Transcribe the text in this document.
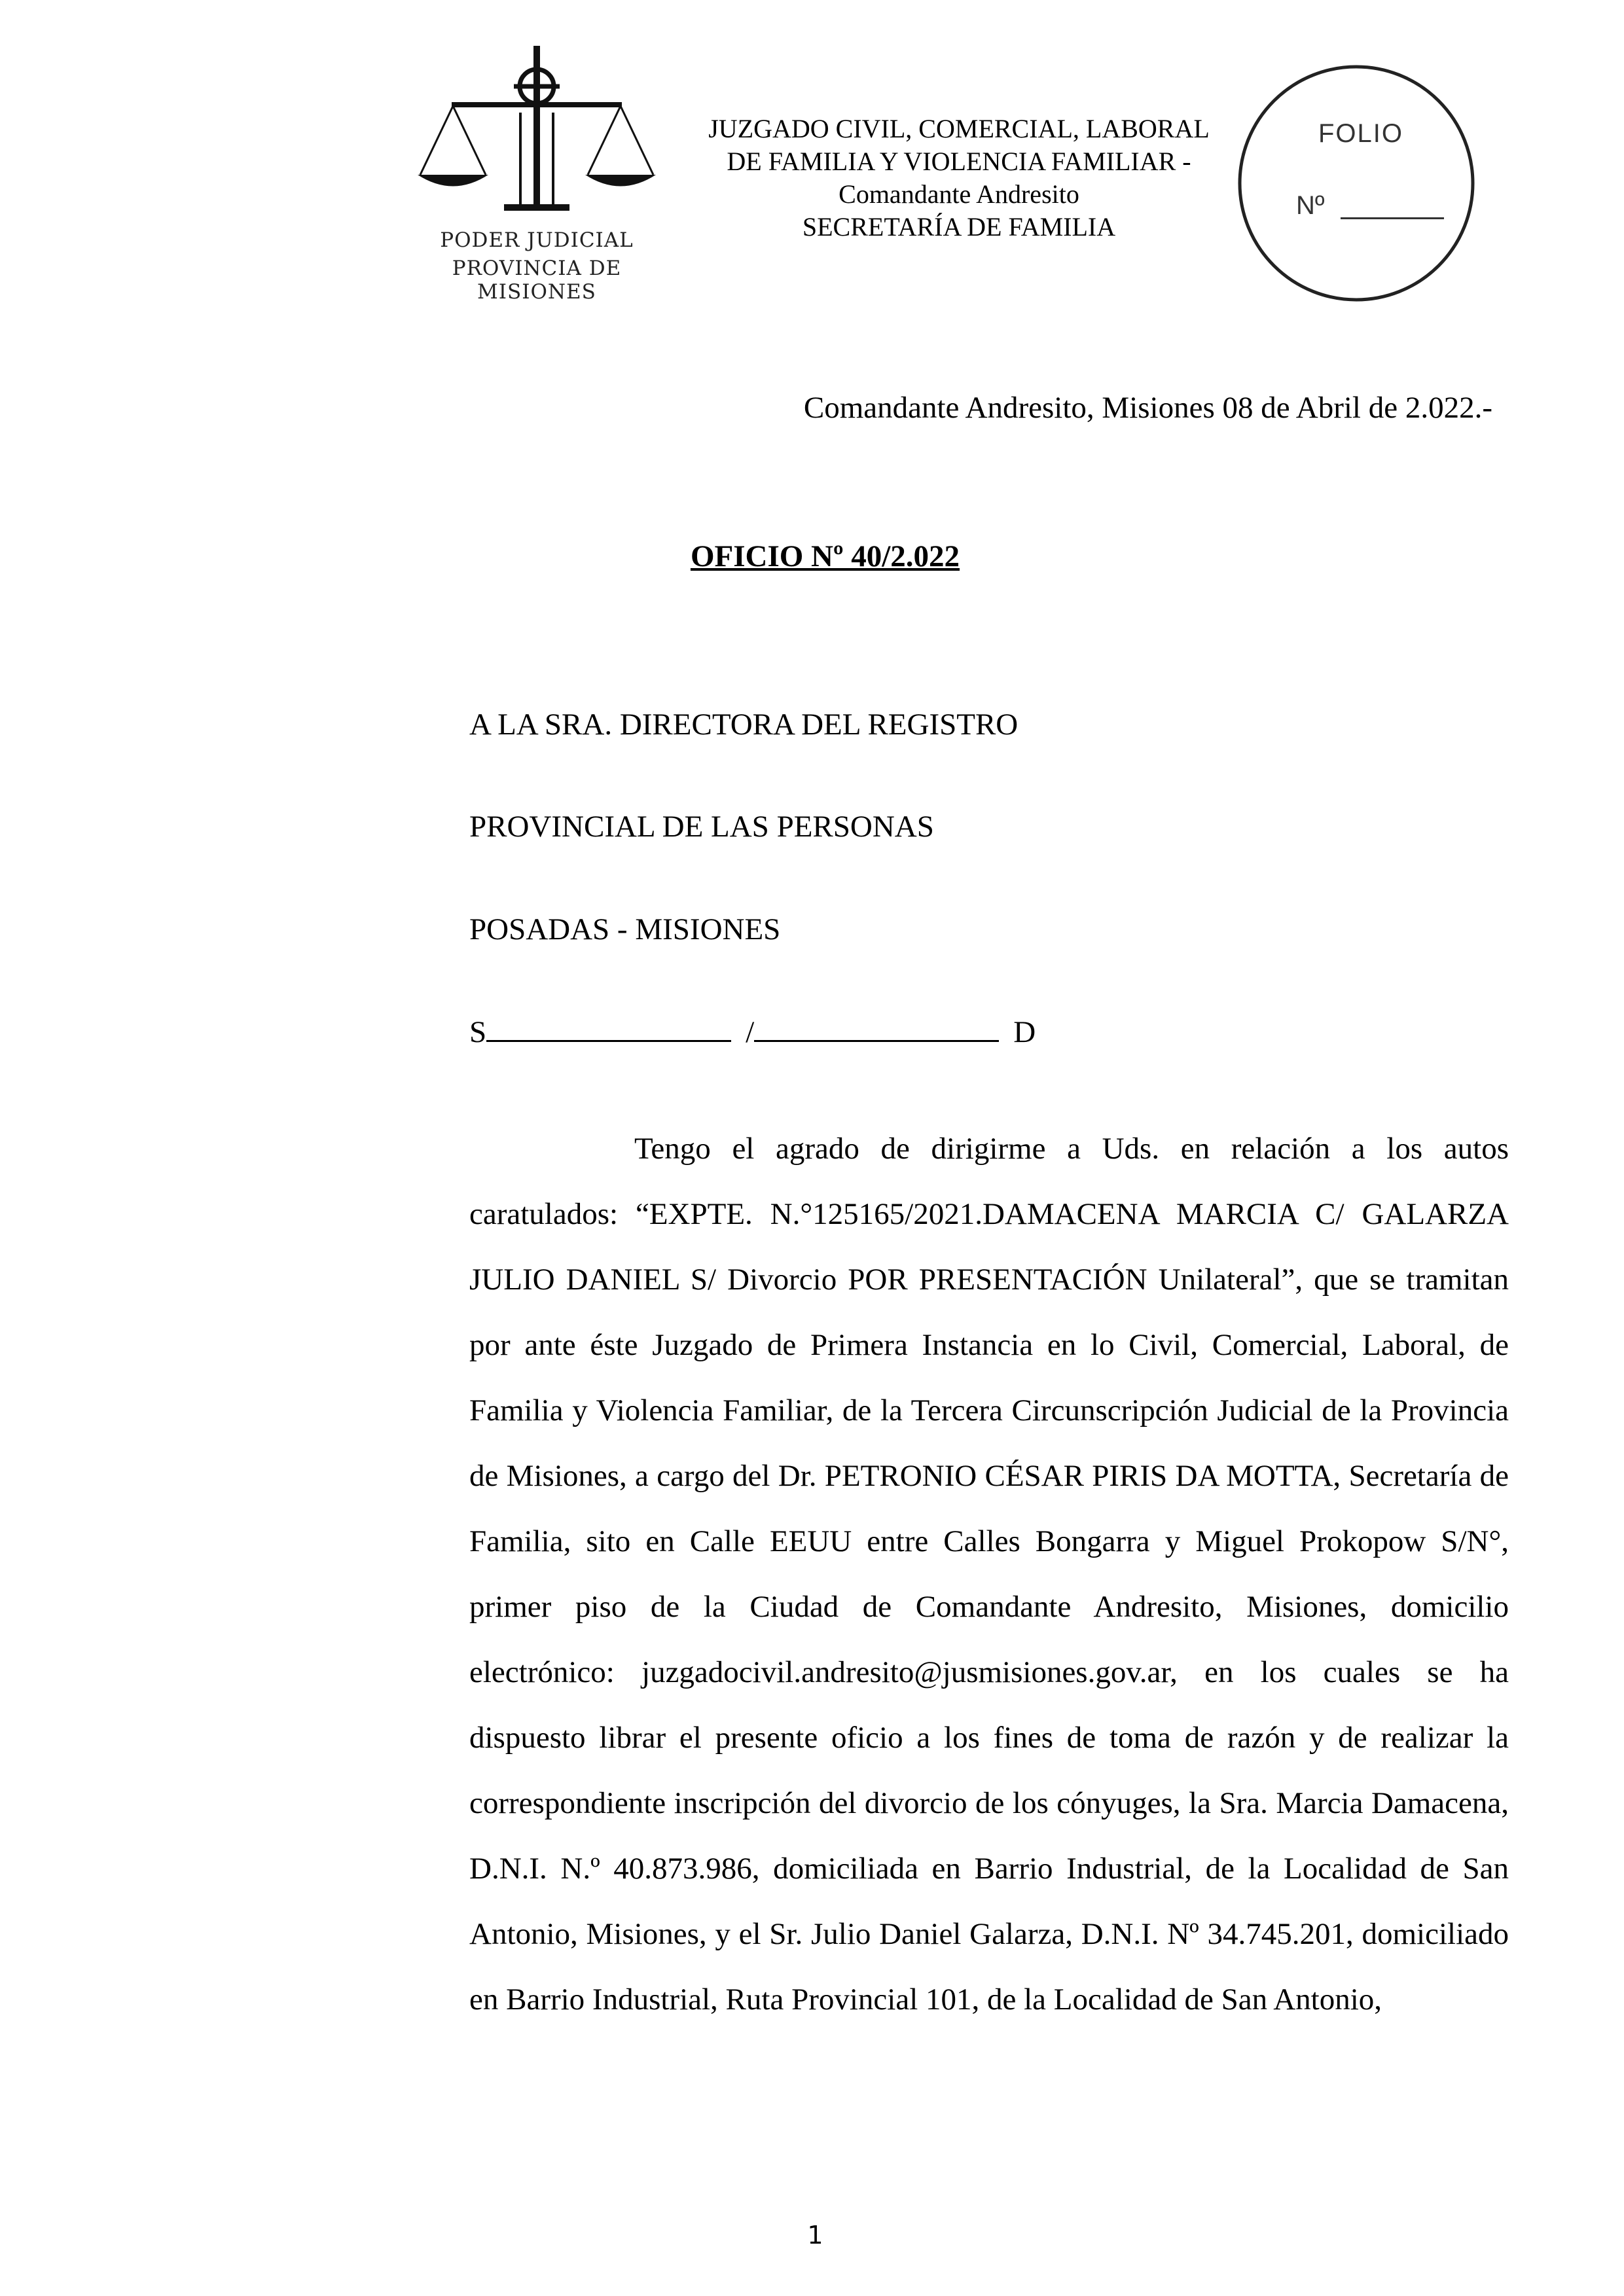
PODER JUDICIAL
PROVINCIA DE MISIONES
JUZGADO CIVIL, COMERCIAL, LABORAL
DE FAMILIA Y VIOLENCIA FAMILIAR -
Comandante Andresito
SECRETARÍA DE FAMILIA
FOLIO
Nº
Comandante Andresito, Misiones 08 de Abril de 2.022.-
OFICIO Nº 40/2.022
A LA SRA. DIRECTORA DEL REGISTRO
PROVINCIAL DE LAS PERSONAS
POSADAS - MISIONES
S	/	D

Tengo el agrado de dirigirme a Uds. en relación a los autos caratulados: “EXPTE. N.°125165/2021.DAMACENA MARCIA C/ GALARZA JULIO DANIEL S/ Divorcio POR PRESENTACIÓN Unilateral”, que se tramitan por ante éste Juzgado de Primera Instancia en lo Civil, Comercial, Laboral, de Familia y Violencia Familiar, de la Tercera Circunscripción Judicial de la Provincia de Misiones, a cargo del Dr. PETRONIO CÉSAR PIRIS DA MOTTA, Secretaría de Familia, sito en Calle EEUU entre Calles Bongarra y Miguel Prokopow S/N°, primer piso de la Ciudad de Comandante Andresito, Misiones, domicilio electrónico: juzgadocivil.andresito@jusmisiones.gov.ar, en los cuales se ha dispuesto librar el presente oficio a los fines de toma de razón y de realizar la correspondiente inscripción del divorcio de los cónyuges, la Sra. Marcia Damacena, D.N.I. N.º 40.873.986, domiciliada en Barrio Industrial, de la Localidad de San Antonio, Misiones, y el Sr. Julio Daniel Galarza, D.N.I. Nº 34.745.201, domiciliado en Barrio Industrial, Ruta Provincial 101, de la Localidad de San Antonio,

1
